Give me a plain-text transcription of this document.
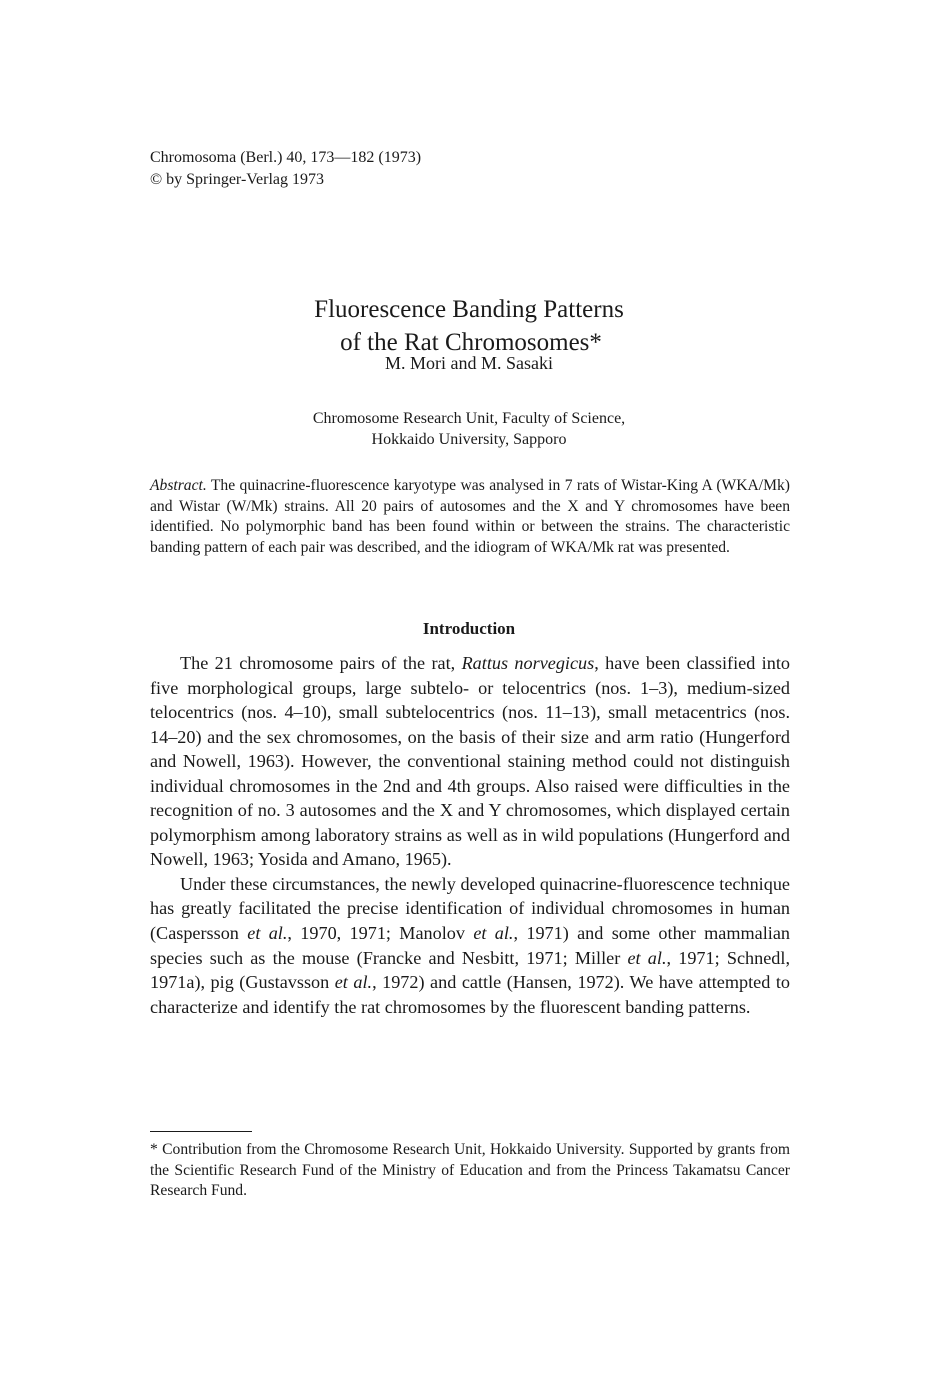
Chromosoma (Berl.) 40, 173—182 (1973)
© by Springer-Verlag 1973
Fluorescence Banding Patterns
of the Rat Chromosomes*
M. Mori and M. Sasaki
Chromosome Research Unit, Faculty of Science,
Hokkaido University, Sapporo
Abstract. The quinacrine-fluorescence karyotype was analysed in 7 rats of Wistar-King A (WKA/Mk) and Wistar (W/Mk) strains. All 20 pairs of autosomes and the X and Y chromosomes have been identified. No polymorphic band has been found within or between the strains. The characteristic banding pattern of each pair was described, and the idiogram of WKA/Mk rat was presented.
Introduction

The 21 chromosome pairs of the rat, Rattus norvegicus, have been classified into five morphological groups, large subtelo- or telocentrics (nos. 1–3), medium-sized telocentrics (nos. 4–10), small subtelocentrics (nos. 11–13), small metacentrics (nos. 14–20) and the sex chromosomes, on the basis of their size and arm ratio (Hungerford and Nowell, 1963). However, the conventional staining method could not distinguish individual chromosomes in the 2nd and 4th groups. Also raised were difficulties in the recognition of no. 3 autosomes and the X and Y chromosomes, which displayed certain polymorphism among laboratory strains as well as in wild populations (Hungerford and Nowell, 1963; Yosida and Amano, 1965).

Under these circumstances, the newly developed quinacrine-fluorescence technique has greatly facilitated the precise identification of individual chromosomes in human (Caspersson et al., 1970, 1971; Manolov et al., 1971) and some other mammalian species such as the mouse (Francke and Nesbitt, 1971; Miller et al., 1971; Schnedl, 1971a), pig (Gustavsson et al., 1972) and cattle (Hansen, 1972). We have attempted to characterize and identify the rat chromosomes by the fluorescent banding patterns.

* Contribution from the Chromosome Research Unit, Hokkaido University. Supported by grants from the Scientific Research Fund of the Ministry of Education and from the Princess Takamatsu Cancer Research Fund.
